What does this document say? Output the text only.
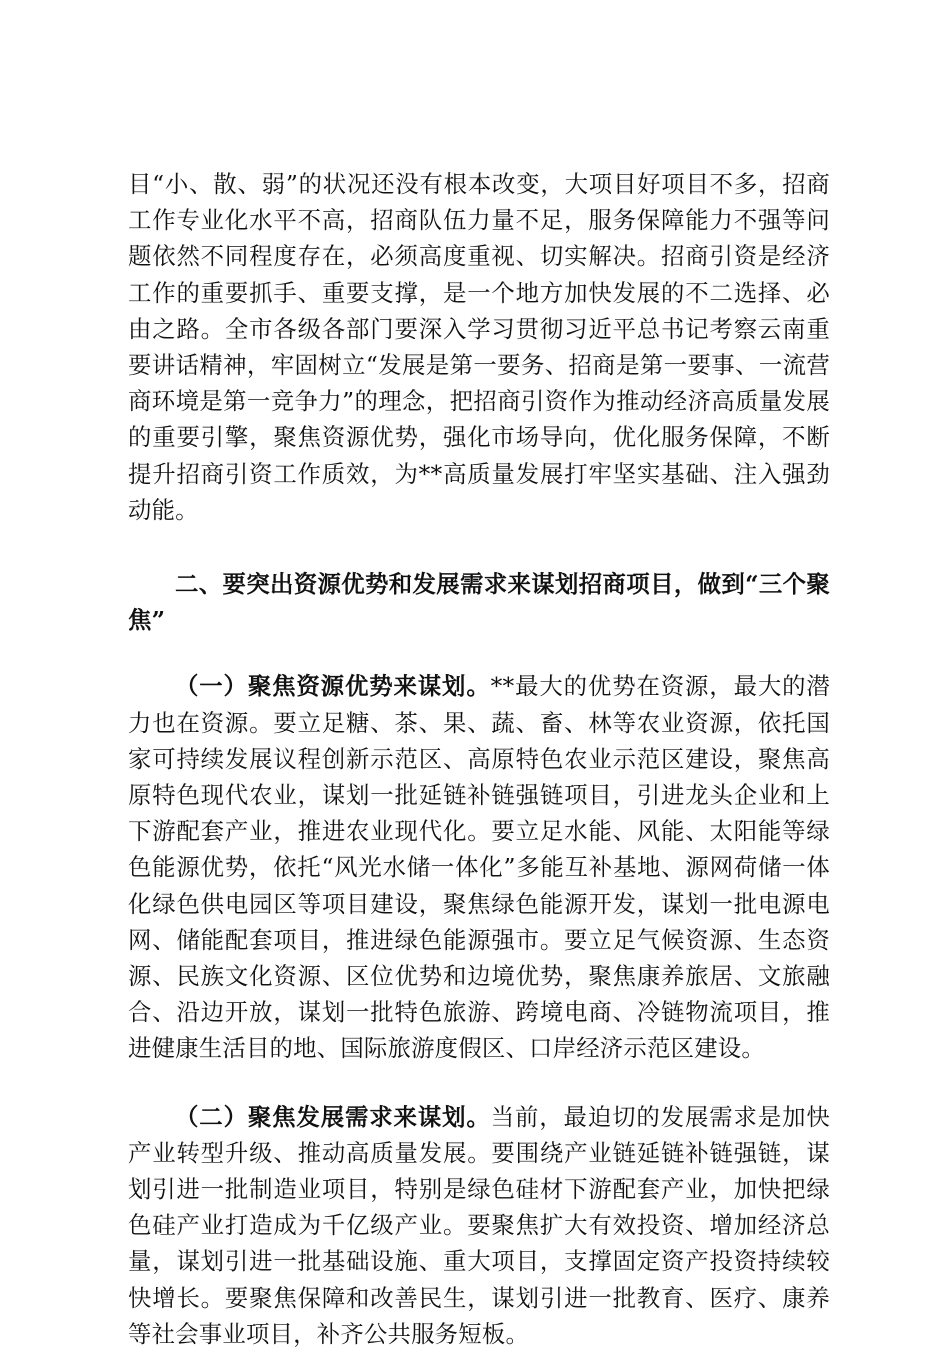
目“小、散、弱”的状况还没有根本改变，大项目好项目不多，招商工作专业化水平不高，招商队伍力量不足，服务保障能力不强等问题依然不同程度存在，必须高度重视、切实解决。招商引资是经济工作的重要抓手、重要支撑，是一个地方加快发展的不二选择、必由之路。全市各级各部门要深入学习贯彻习近平总书记考察云南重要讲话精神，牢固树立“发展是第一要务、招商是第一要事、一流营商环境是第一竞争力”的理念，把招商引资作为推动经济高质量发展的重要引擎，聚焦资源优势，强化市场导向，优化服务保障，不断提升招商引资工作质效，为**高质量发展打牢坚实基础、注入强劲动能。

二、要突出资源优势和发展需求来谋划招商项目，做到“三个聚焦”

（一）聚焦资源优势来谋划。**最大的优势在资源，最大的潜力也在资源。要立足糖、茶、果、蔬、畜、林等农业资源，依托国家可持续发展议程创新示范区、高原特色农业示范区建设，聚焦高原特色现代农业，谋划一批延链补链强链项目，引进龙头企业和上下游配套产业，推进农业现代化。要立足水能、风能、太阳能等绿色能源优势，依托“风光水储一体化”多能互补基地、源网荷储一体化绿色供电园区等项目建设，聚焦绿色能源开发，谋划一批电源电网、储能配套项目，推进绿色能源强市。要立足气候资源、生态资源、民族文化资源、区位优势和边境优势，聚焦康养旅居、文旅融合、沿边开放，谋划一批特色旅游、跨境电商、冷链物流项目，推进健康生活目的地、国际旅游度假区、口岸经济示范区建设。

（二）聚焦发展需求来谋划。当前，最迫切的发展需求是加快产业转型升级、推动高质量发展。要围绕产业链延链补链强链，谋划引进一批制造业项目，特别是绿色硅材下游配套产业，加快把绿色硅产业打造成为千亿级产业。要聚焦扩大有效投资、增加经济总量，谋划引进一批基础设施、重大项目，支撑固定资产投资持续较快增长。要聚焦保障和改善民生，谋划引进一批教育、医疗、康养等社会事业项目，补齐公共服务短板。
